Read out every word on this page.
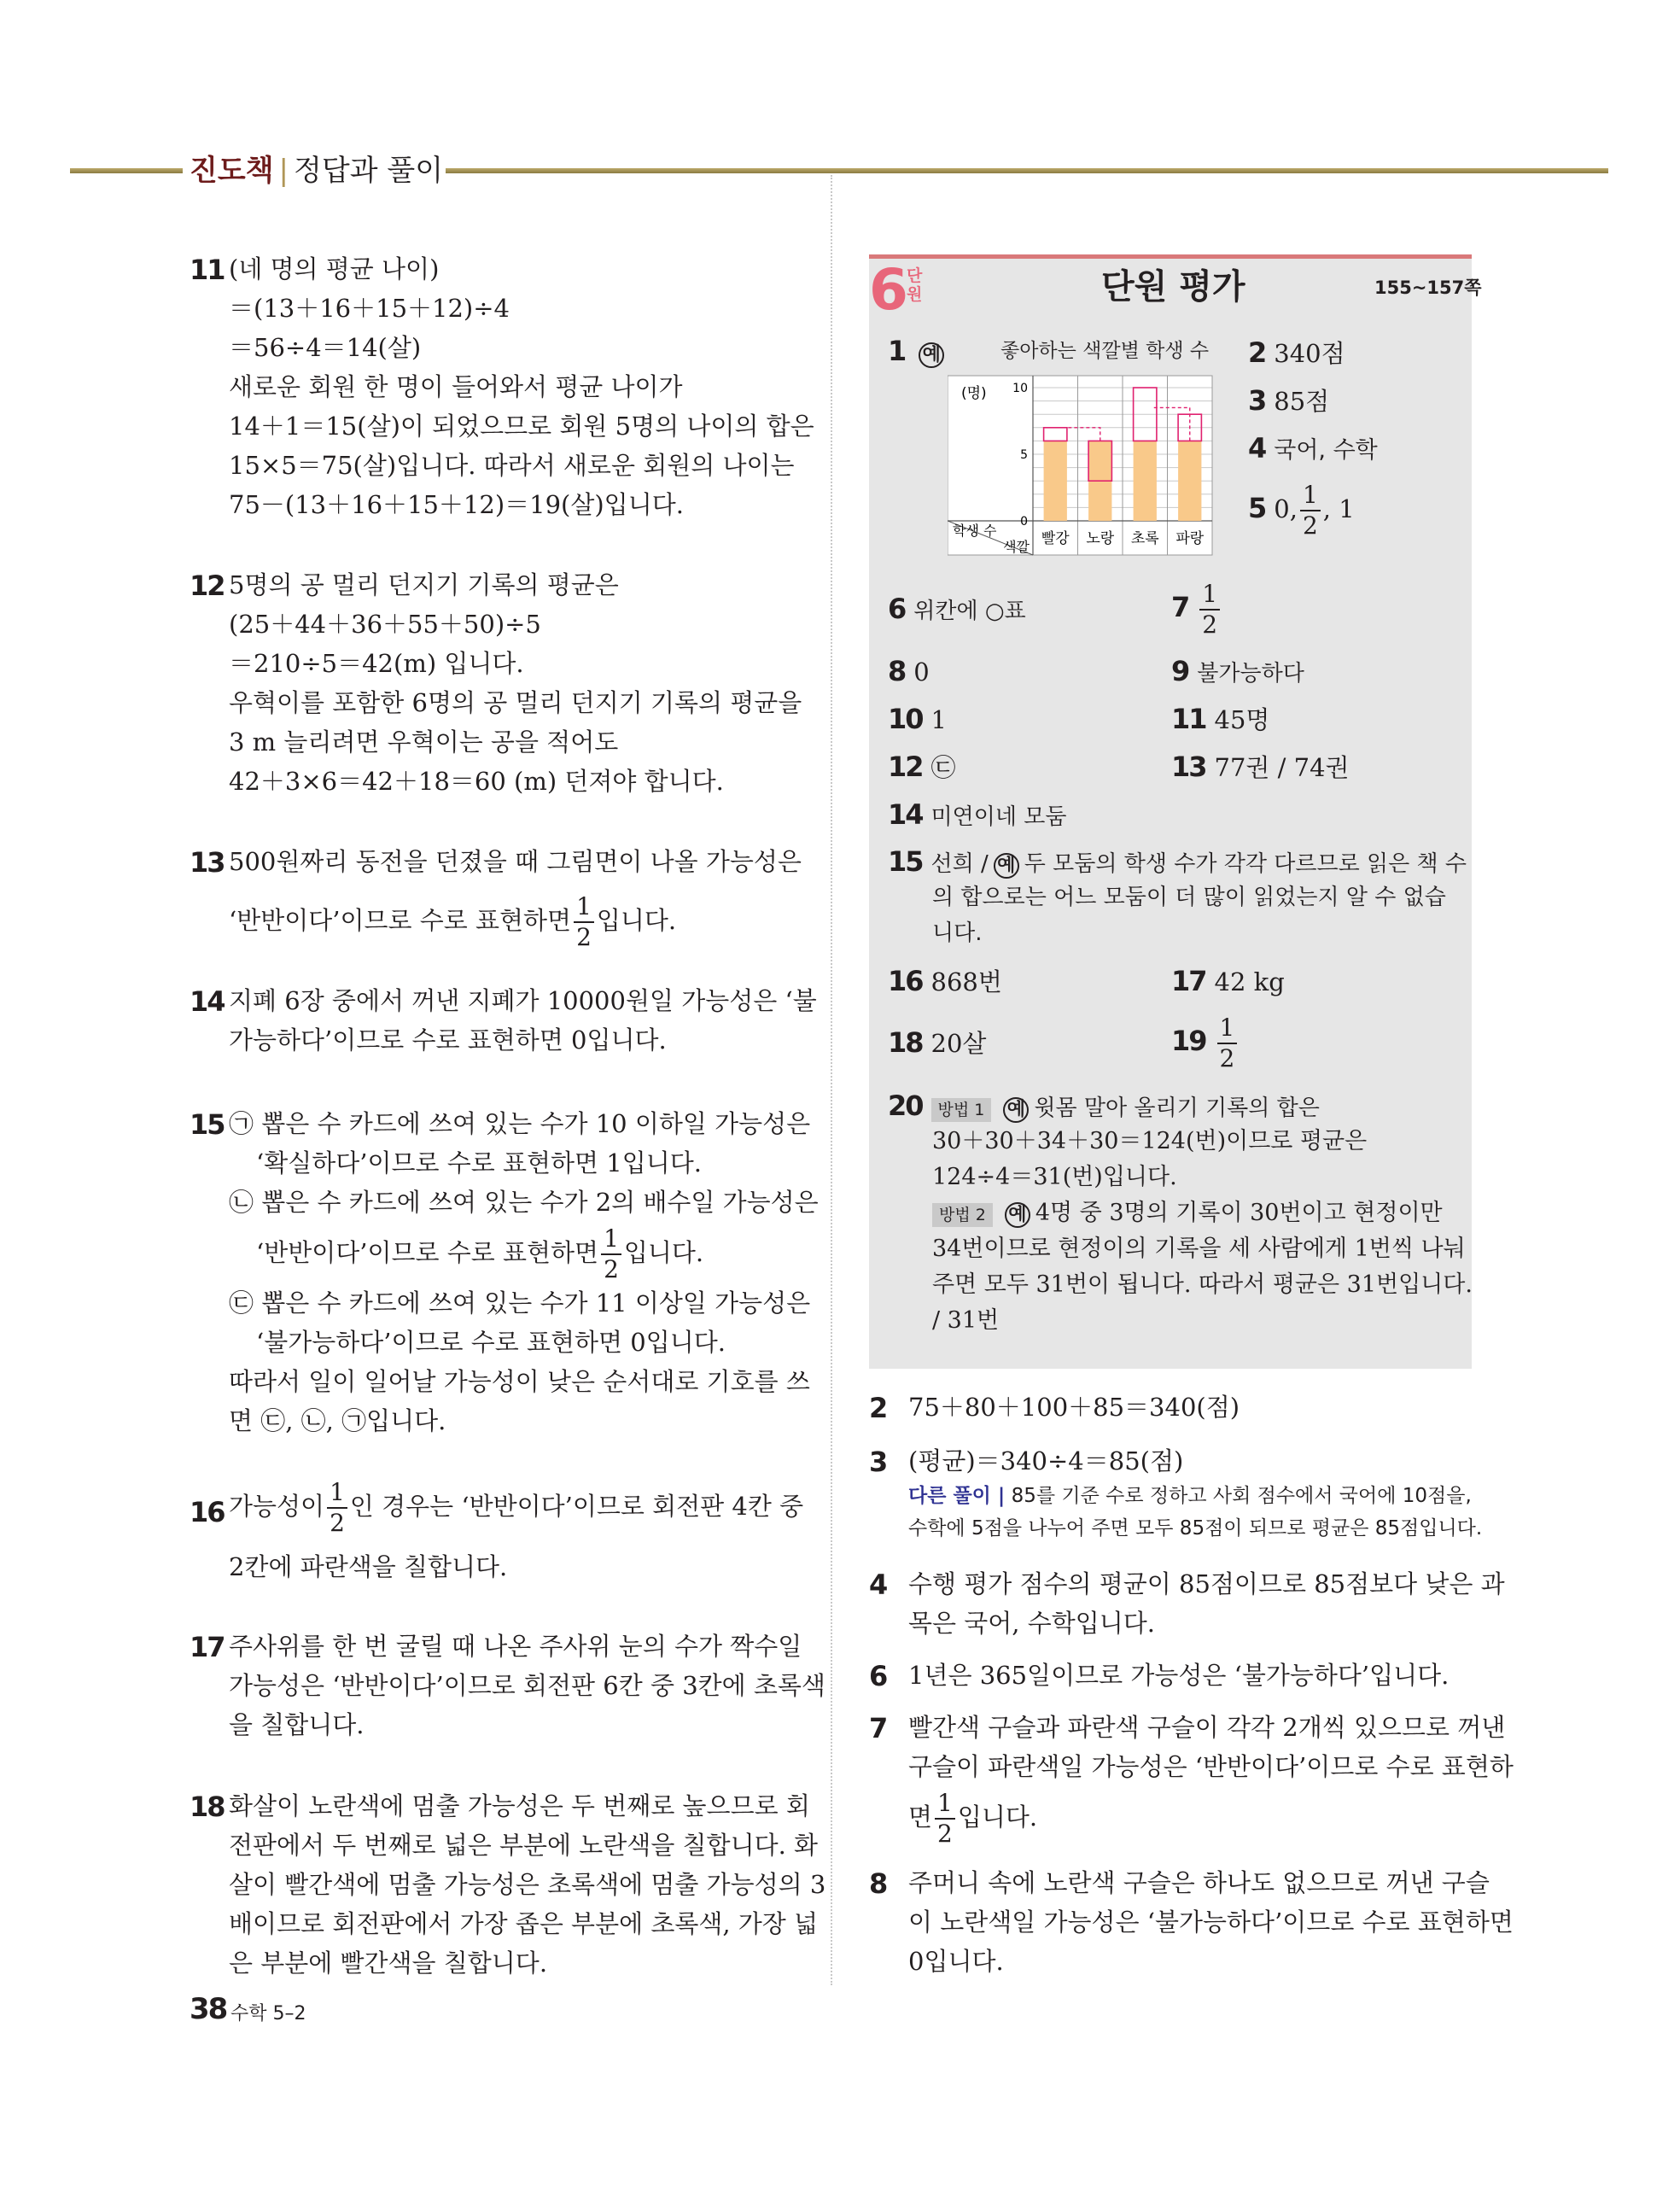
진도책 | 정답과 풀이
11 (네 명의 평균 나이)
＝(13＋16＋15＋12)÷4
＝56÷4＝14(살)
새로운 회원 한 명이 들어와서 평균 나이가
14＋1＝15(살)이 되었으므로 회원 5명의 나이의 합은
15×5＝75(살)입니다. 따라서 새로운 회원의 나이는
75－(13＋16＋15＋12)＝19(살)입니다.
12 5명의 공 멀리 던지기 기록의 평균은
(25＋44＋36＋55＋50)÷5
＝210÷5＝42(m) 입니다.
우혁이를 포함한 6명의 공 멀리 던지기 기록의 평균을
3 m 늘리려면 우혁이는 공을 적어도
42＋3×6＝42＋18＝60 (m) 던져야 합니다.
13 500원짜리 동전을 던졌을 때 그림면이 나올 가능성은
‘반반이다’이므로 수로 표현하면 $\frac{1}{2}$ 입니다.
14 지폐 6장 중에서 꺼낸 지폐가 10000원일 가능성은 ‘불
가능하다’이므로 수로 표현하면 0입니다.
15 ㉠ 뽑은 수 카드에 쓰여 있는 수가 10 이하일 가능성은
‘확실하다’이므로 수로 표현하면 1입니다.
㉡ 뽑은 수 카드에 쓰여 있는 수가 2의 배수일 가능성은
‘반반이다’이므로 수로 표현하면 $\frac{1}{2}$ 입니다.
㉢ 뽑은 수 카드에 쓰여 있는 수가 11 이상일 가능성은
‘불가능하다’이므로 수로 표현하면 0입니다.
따라서 일이 일어날 가능성이 낮은 순서대로 기호를 쓰
면 ㉢, ㉡, ㉠입니다.
16 가능성이 $\frac{1}{2}$ 인 경우는 ‘반반이다’이므로 회전판 4칸 중
2칸에 파란색을 칠합니다.
17 주사위를 한 번 굴릴 때 나온 주사위 눈의 수가 짝수일
가능성은 ‘반반이다’이므로 회전판 6칸 중 3칸에 초록색
을 칠합니다.
18 화살이 노란색에 멈출 가능성은 두 번째로 높으므로 회
전판에서 두 번째로 넓은 부분에 노란색을 칠합니다. 화
살이 빨간색에 멈출 가능성은 초록색에 멈출 가능성의 3
배이므로 회전판에서 가장 좁은 부분에 초록색, 가장 넓
은 부분에 빨간색을 칠합니다.
6
단
원	단원 평가	155~157쪽
1 예	좋아하는 색깔별 학생 수
(명)
0
5
10
학생 수
색깔 빨강 노랑 초록 파랑
2 340점
3 85점
4 국어, 수학
5 0, $\frac{1}{2}$ , 1
6 위칸에 ○표	$7 \frac{1}{2}$
8 0	9 불가능하다
10 1	11 45명
12 ㉢	13 77권 / 74권
14 미연이네 모둠
15 선희 / 예 두 모둠의 학생 수가 각각 다르므로 읽은 책 수
의 합으로는 어느 모둠이 더 많이 읽었는지 알 수 없습
니다.
16 868번	17 42 kg
18 20살	$19 \frac{1}{2}$
20 방법 1 예 윗몸 말아 올리기 기록의 합은
30＋30＋34＋30＝124(번)이므로 평균은
124÷4＝31(번)입니다.
방법 2 예 4명 중 3명의 기록이 30번이고 현정이만
34번이므로 현정이의 기록을 세 사람에게 1번씩 나눠
주면 모두 31번이 됩니다. 따라서 평균은 31번입니다.
/ 31번
2 75＋80＋100＋85＝340(점)
3 (평균)＝340÷4＝85(점)
다른 풀이 | 85를 기준 수로 정하고 사회 점수에서 국어에 10점을,
수학에 5점을 나누어 주면 모두 85점이 되므로 평균은 85점입니다.
4 수행 평가 점수의 평균이 85점이므로 85점보다 낮은 과
목은 국어, 수학입니다.
6 1년은 365일이므로 가능성은 ‘불가능하다’입니다.
7 빨간색 구슬과 파란색 구슬이 각각 2개씩 있으므로 꺼낸
구슬이 파란색일 가능성은 ‘반반이다’이므로 수로 표현하
면 $\frac{1}{2}$ 입니다.
8 주머니 속에 노란색 구슬은 하나도 없으므로 꺼낸 구슬
이 노란색일 가능성은 ‘불가능하다’이므로 수로 표현하면
0입니다.
38 수학 5–2
